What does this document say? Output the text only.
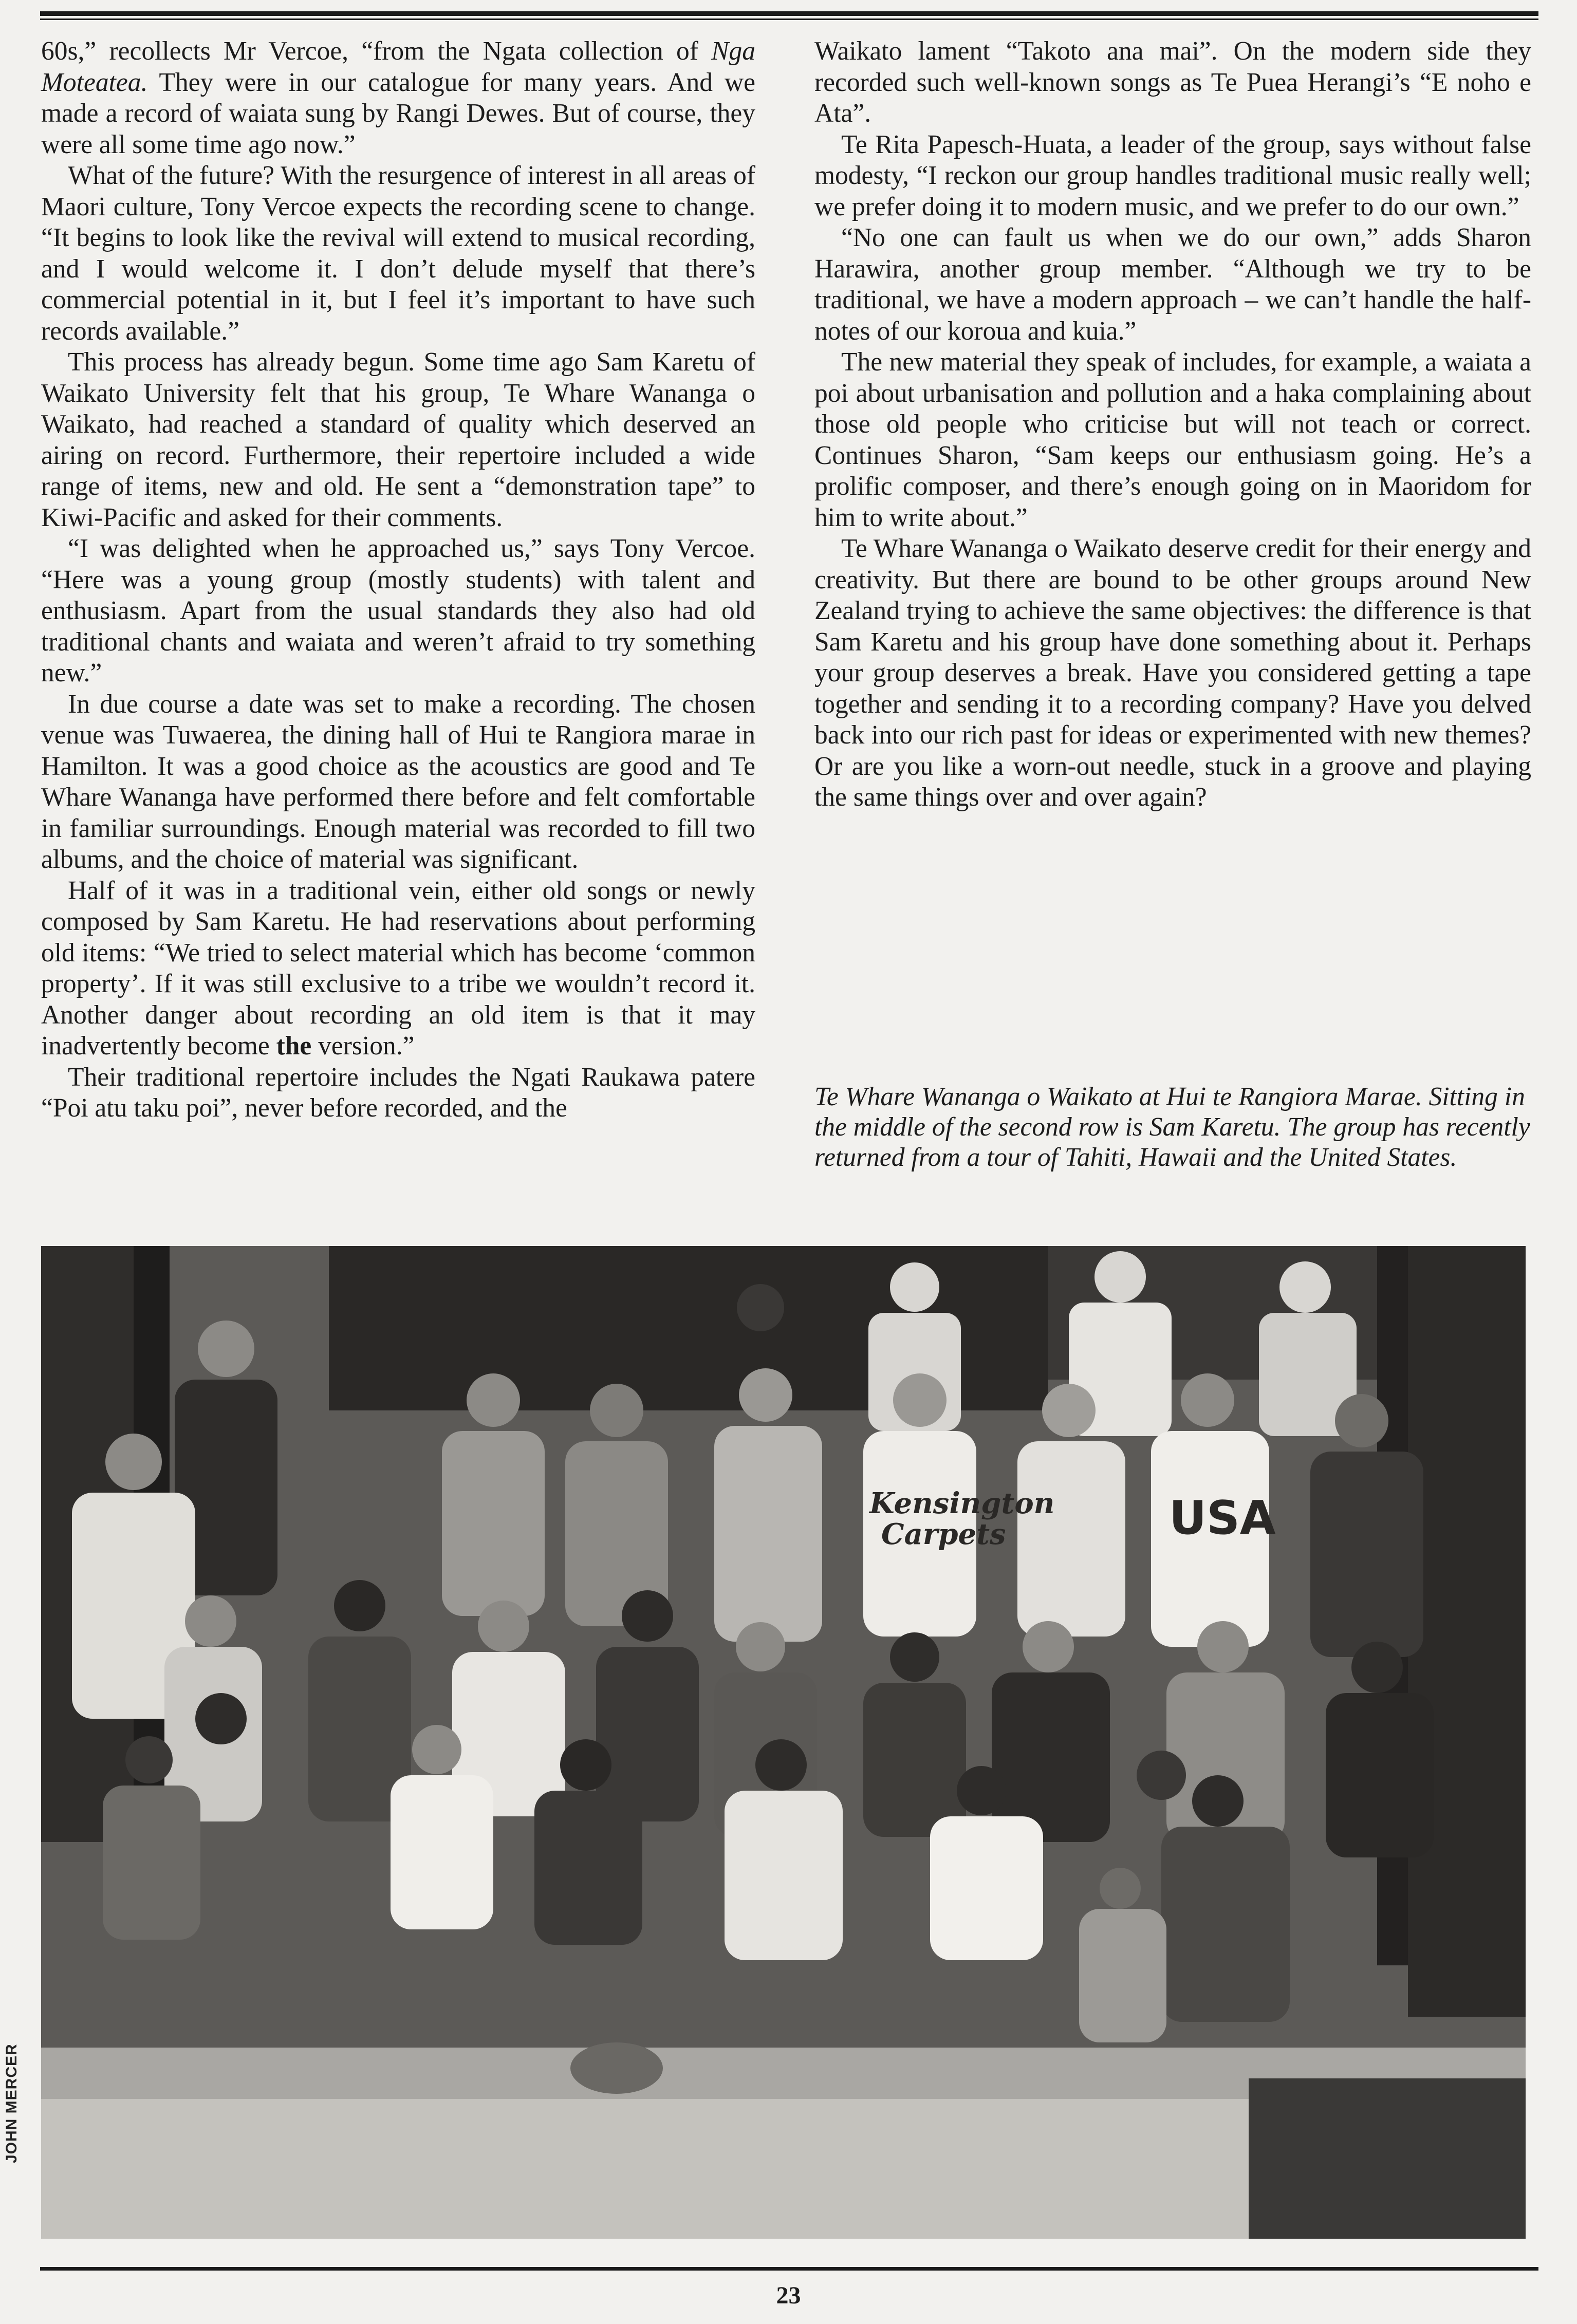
60s,” recollects Mr Vercoe, “from the Ngata collection of Nga Moteatea. They were in our catalogue for many years. And we made a record of waiata sung by Rangi Dewes. But of course, they were all some time ago now.”

What of the future? With the resurgence of interest in all areas of Maori culture, Tony Vercoe expects the recording scene to change. “It begins to look like the revival will extend to musical recording, and I would welcome it. I don’t delude myself that there’s commercial potential in it, but I feel it’s important to have such records available.”

This process has already begun. Some time ago Sam Karetu of Waikato University felt that his group, Te Whare Wananga o Waikato, had reached a standard of quality which deserved an airing on record. Furthermore, their repertoire included a wide range of items, new and old. He sent a “demonstration tape” to Kiwi-Pacific and asked for their comments.

“I was delighted when he approached us,” says Tony Vercoe. “Here was a young group (mostly students) with talent and enthusiasm. Apart from the usual standards they also had old traditional chants and waiata and weren’t afraid to try something new.”

In due course a date was set to make a recording. The chosen venue was Tuwaerea, the dining hall of Hui te Rangiora marae in Hamilton. It was a good choice as the acoustics are good and Te Whare Wananga have performed there before and felt comfortable in familiar surroundings. Enough material was recorded to fill two albums, and the choice of material was significant.

Half of it was in a traditional vein, either old songs or newly composed by Sam Karetu. He had reservations about performing old items: “We tried to select material which has become ‘common property’. If it was still exclusive to a tribe we wouldn’t record it. Another danger about recording an old item is that it may inadvertently become the version.”

Their traditional repertoire includes the Ngati Raukawa patere “Poi atu taku poi”, never before recorded, and the

Waikato lament “Takoto ana mai”. On the modern side they recorded such well-known songs as Te Puea Herangi’s “E noho e Ata”.

Te Rita Papesch-Huata, a leader of the group, says without false modesty, “I reckon our group handles traditional music really well; we prefer doing it to modern music, and we prefer to do our own.”

“No one can fault us when we do our own,” adds Sharon Harawira, another group member. “Although we try to be traditional, we have a modern approach – we can’t handle the half-notes of our koroua and kuia.”

The new material they speak of includes, for example, a waiata a poi about urbanisation and pollution and a haka complaining about those old people who criticise but will not teach or correct. Continues Sharon, “Sam keeps our enthusiasm going. He’s a prolific composer, and there’s enough going on in Maoridom for him to write about.”

Te Whare Wananga o Waikato deserve credit for their energy and creativity. But there are bound to be other groups around New Zealand trying to achieve the same objectives: the difference is that Sam Karetu and his group have done something about it. Perhaps your group deserves a break. Have you considered getting a tape together and sending it to a recording company? Have you delved back into our rich past for ideas or experimented with new themes? Or are you like a worn-out needle, stuck in a groove and playing the same things over and over again?

Te Whare Wananga o Waikato at Hui te Rangiora Marae. Sitting in the middle of the second row is Sam Karetu. The group has recently returned from a tour of Tahiti, Hawaii and the United States.
Kensington
Carpets	USA
JOHN MERCER
23
